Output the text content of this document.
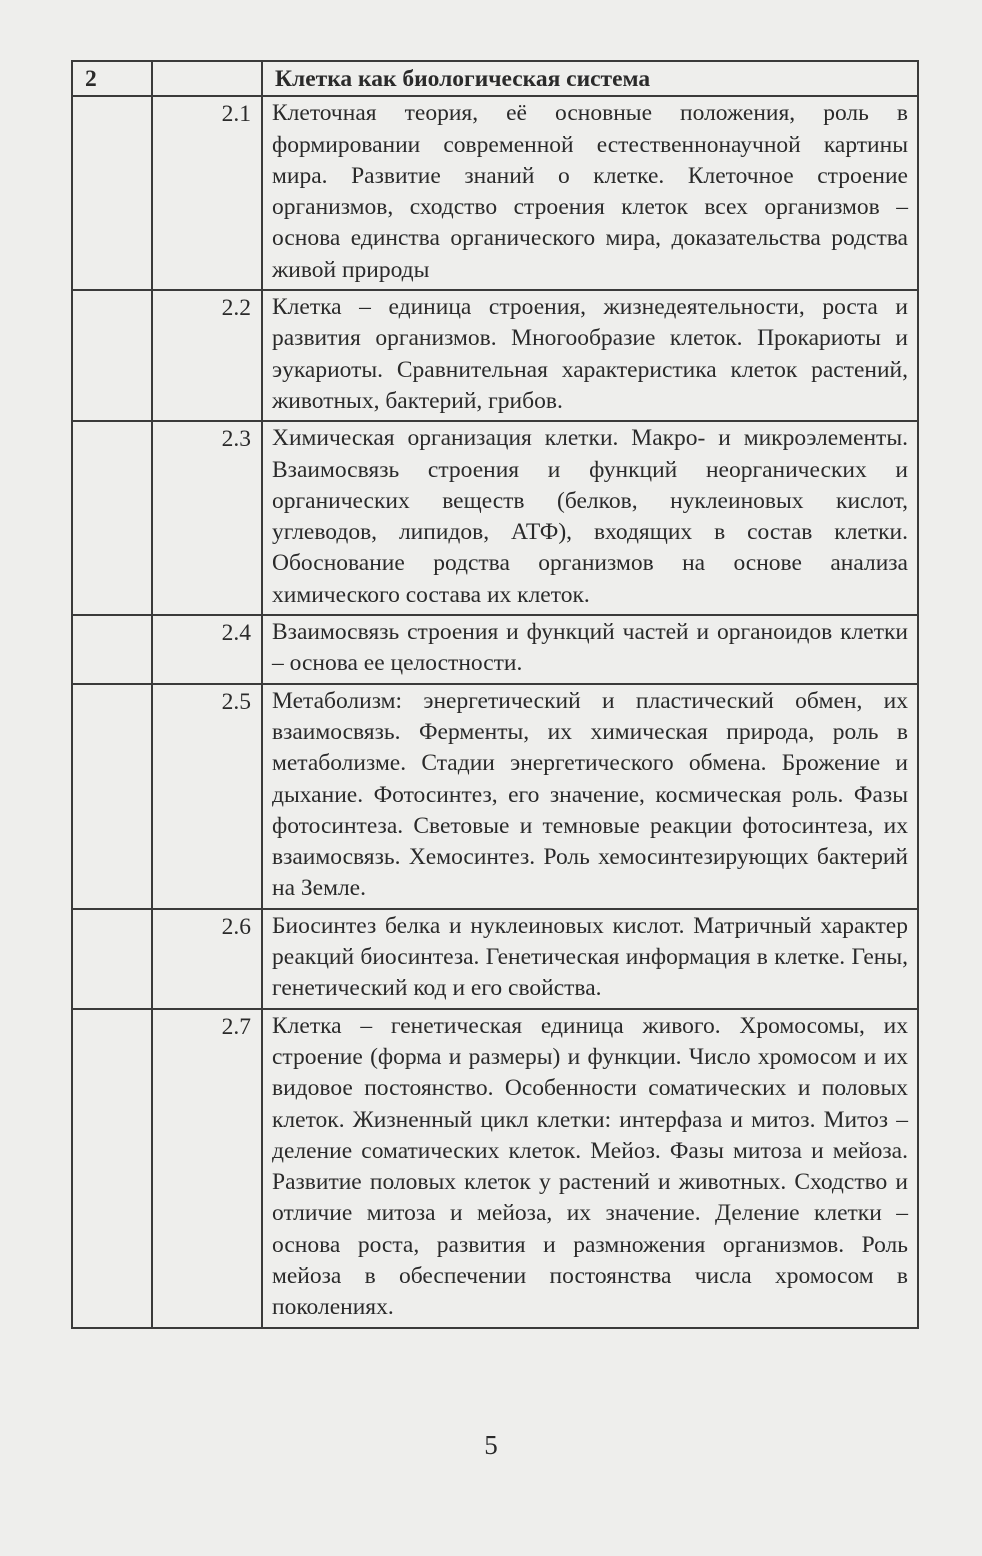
2		Клетка как биологическая система
	2.1	Клеточная теория, её основные положения, роль в формировании современной естественнонаучной картины мира. Развитие знаний о клетке. Клеточное строение организмов, сходство строения клеток всех организмов – основа единства органического мира, доказательства родства живой природы
	2.2	Клетка – единица строения, жизнедеятельности, роста и развития организмов. Многообразие клеток. Прокариоты и эукариоты. Сравнительная характеристика клеток растений, животных, бактерий, грибов.
	2.3	Химическая организация клетки. Макро- и микроэлементы. Взаимосвязь строения и функций неорганических и органических веществ (белков, нуклеиновых кислот, углеводов, липидов, АТФ), входящих в состав клетки. Обоснование родства организмов на основе анализа химического состава их клеток.
	2.4	Взаимосвязь строения и функций частей и органоидов клетки – основа ее целостности.
	2.5	Метаболизм: энергетический и пластический обмен, их взаимосвязь. Ферменты, их химическая природа, роль в метаболизме. Стадии энергетического обмена. Брожение и дыхание. Фотосинтез, его значение, космическая роль. Фазы фотосинтеза. Световые и темновые реакции фотосинтеза, их взаимосвязь. Хемосинтез. Роль хемосинтезирующих бактерий на Земле.
	2.6	Биосинтез белка и нуклеиновых кислот. Матричный характер реакций биосинтеза. Генетическая информация в клетке. Гены, генетический код и его свойства.
	2.7	Клетка – генетическая единица живого. Хромосомы, их строение (форма и размеры) и функции. Число хромосом и их видовое постоянство. Особенности соматических и половых клеток. Жизненный цикл клетки: интерфаза и митоз. Митоз – деление соматических клеток. Мейоз. Фазы митоза и мейоза. Развитие половых клеток у растений и животных. Сходство и отличие митоза и мейоза, их значение. Деление клетки – основа роста, развития и размножения организмов. Роль мейоза в обеспечении постоянства числа хромосом в поколениях.
5
